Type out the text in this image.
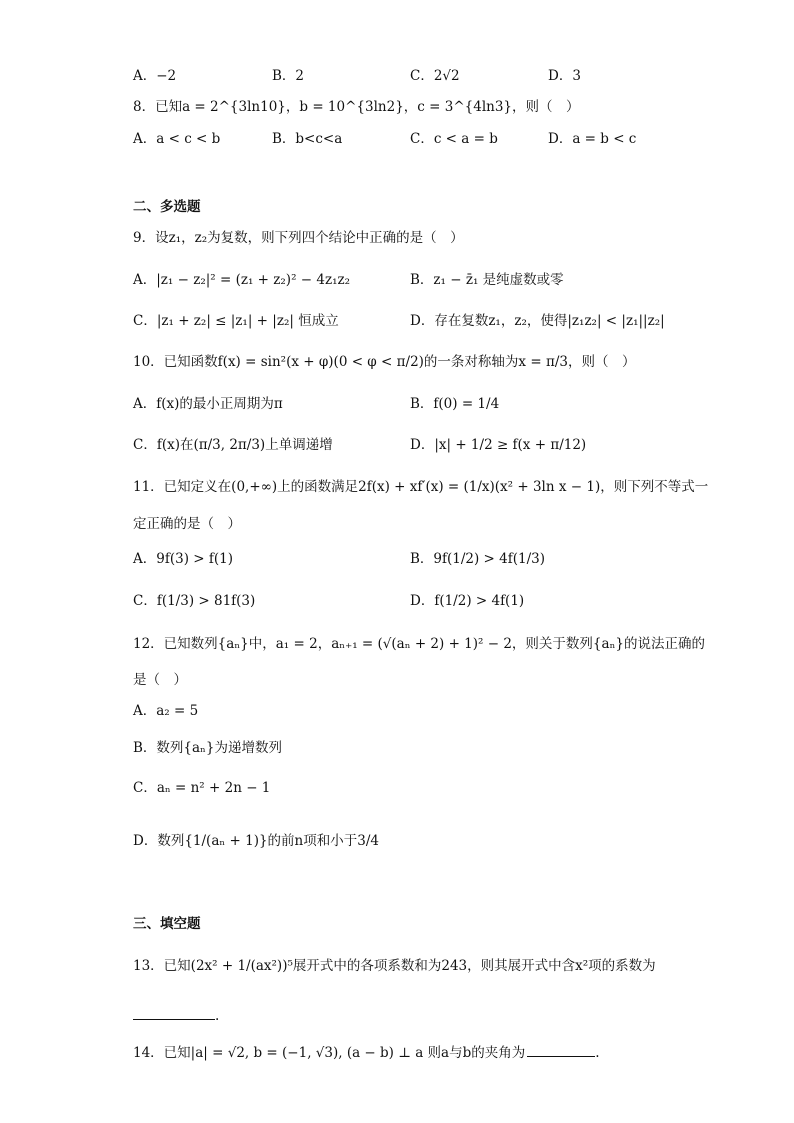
A．−2	B．2	C．2√2	D．3
8．已知a = 2^{3ln10}，b = 10^{3ln2}，c = 3^{4ln3}，则（　）
A．a < c < b	B．b<c<a	C．c < a = b	D．a = b < c
二、多选题
9．设z₁，z₂为复数，则下列四个结论中正确的是（　）
A．|z₁ − z₂|² = (z₁ + z₂)² − 4z₁z₂	B．z₁ − z̄₁ 是纯虚数或零
C．|z₁ + z₂| ≤ |z₁| + |z₂| 恒成立	D．存在复数z₁，z₂，使得|z₁z₂| < |z₁||z₂|
10．已知函数f(x) = sin²(x + φ)(0 < φ < π/2)的一条对称轴为x = π/3，则（　）
A．f(x)的最小正周期为π	B．f(0) = 1/4
C．f(x)在(π/3, 2π/3)上单调递增	D．|x| + 1/2 ≥ f(x + π/12)
11．已知定义在(0,+∞)上的函数满足2f(x) + xf′(x) = (1/x)(x² + 3ln x − 1)，则下列不等式一
定正确的是（　）
A．9f(3) > f(1)	B．9f(1/2) > 4f(1/3)
C．f(1/3) > 81f(3)	D．f(1/2) > 4f(1)
12．已知数列{aₙ}中，a₁ = 2，aₙ₊₁ = (√(aₙ + 2) + 1)² − 2，则关于数列{aₙ}的说法正确的
是（　）
A．a₂ = 5
B．数列{aₙ}为递增数列
C．aₙ = n² + 2n − 1
D．数列{1/(aₙ + 1)}的前n项和小于3/4
三、填空题
13．已知(2x² + 1/(ax²))⁵展开式中的各项系数和为243，则其展开式中含x²项的系数为
.
14．已知|a| = √2, b = (−1, √3), (a − b) ⊥ a 则a与b的夹角为	.
